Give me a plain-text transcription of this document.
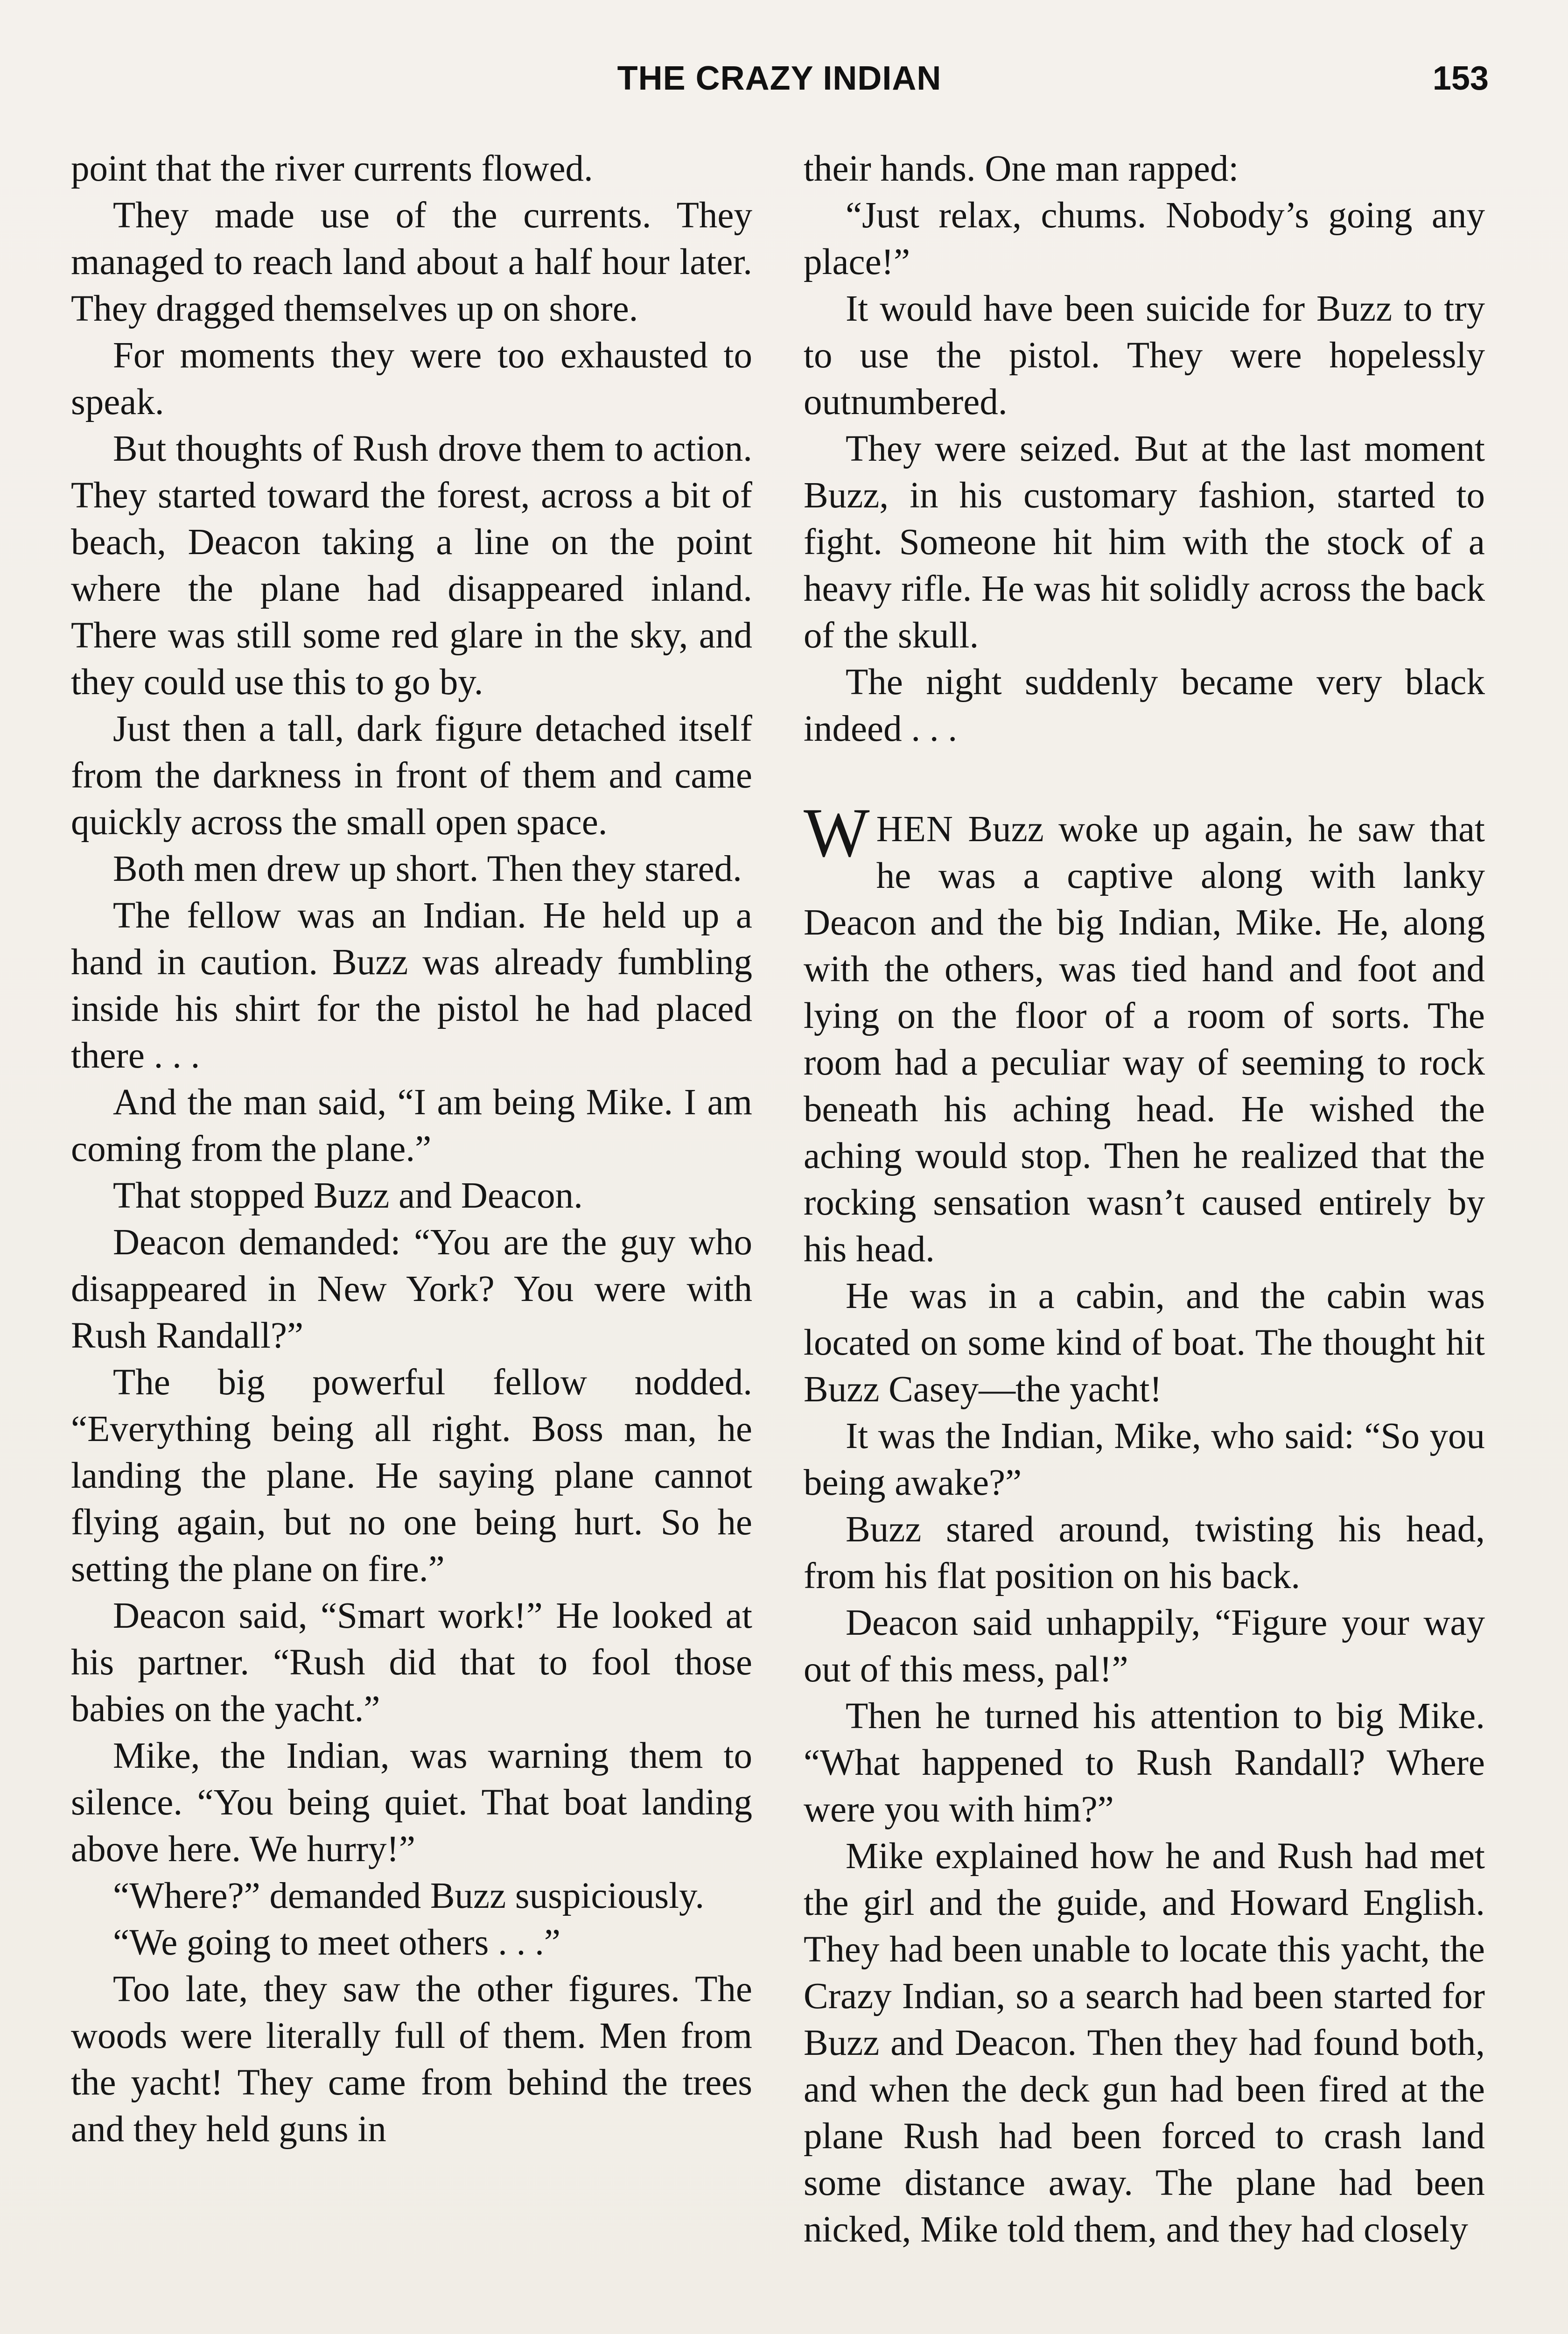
THE CRAZY INDIAN	153

point that the river currents flowed.

They made use of the currents. They managed to reach land about a half hour later. They dragged themselves up on shore.

For moments they were too exhausted to speak.

But thoughts of Rush drove them to action. They started toward the forest, across a bit of beach, Deacon taking a line on the point where the plane had disappeared inland. There was still some red glare in the sky, and they could use this to go by.

Just then a tall, dark figure detached itself from the darkness in front of them and came quickly across the small open space.

Both men drew up short. Then they stared.

The fellow was an Indian. He held up a hand in caution. Buzz was already fumbling inside his shirt for the pistol he had placed there . . .

And the man said, “I am being Mike. I am coming from the plane.”

That stopped Buzz and Deacon.

Deacon demanded: “You are the guy who disappeared in New York? You were with Rush Randall?”

The big powerful fellow nodded. “Everything being all right. Boss man, he landing the plane. He saying plane cannot flying again, but no one being hurt. So he setting the plane on fire.”

Deacon said, “Smart work!” He looked at his partner. “Rush did that to fool those babies on the yacht.”

Mike, the Indian, was warning them to silence. “You being quiet. That boat landing above here. We hurry!”

“Where?” demanded Buzz suspiciously.

“We going to meet others . . .”

Too late, they saw the other figures. The woods were literally full of them. Men from the yacht! They came from behind the trees and they held guns in

their hands. One man rapped:

“Just relax, chums. Nobody’s going any place!”

It would have been suicide for Buzz to try to use the pistol. They were hopelessly outnumbered.

They were seized. But at the last moment Buzz, in his customary fashion, started to fight. Someone hit him with the stock of a heavy rifle. He was hit solidly across the back of the skull.

The night suddenly became very black indeed . . .

WHEN Buzz woke up again, he saw that he was a captive along with lanky Deacon and the big Indian, Mike. He, along with the others, was tied hand and foot and lying on the floor of a room of sorts. The room had a peculiar way of seeming to rock beneath his aching head. He wished the aching would stop. Then he realized that the rocking sensation wasn’t caused entirely by his head.

He was in a cabin, and the cabin was located on some kind of boat. The thought hit Buzz Casey—the yacht!

It was the Indian, Mike, who said: “So you being awake?”

Buzz stared around, twisting his head, from his flat position on his back.

Deacon said unhappily, “Figure your way out of this mess, pal!”

Then he turned his attention to big Mike. “What happened to Rush Randall? Where were you with him?”

Mike explained how he and Rush had met the girl and the guide, and Howard English. They had been unable to locate this yacht, the Crazy Indian, so a search had been started for Buzz and Deacon. Then they had found both, and when the deck gun had been fired at the plane Rush had been forced to crash land some distance away. The plane had been nicked, Mike told them, and they had closely
